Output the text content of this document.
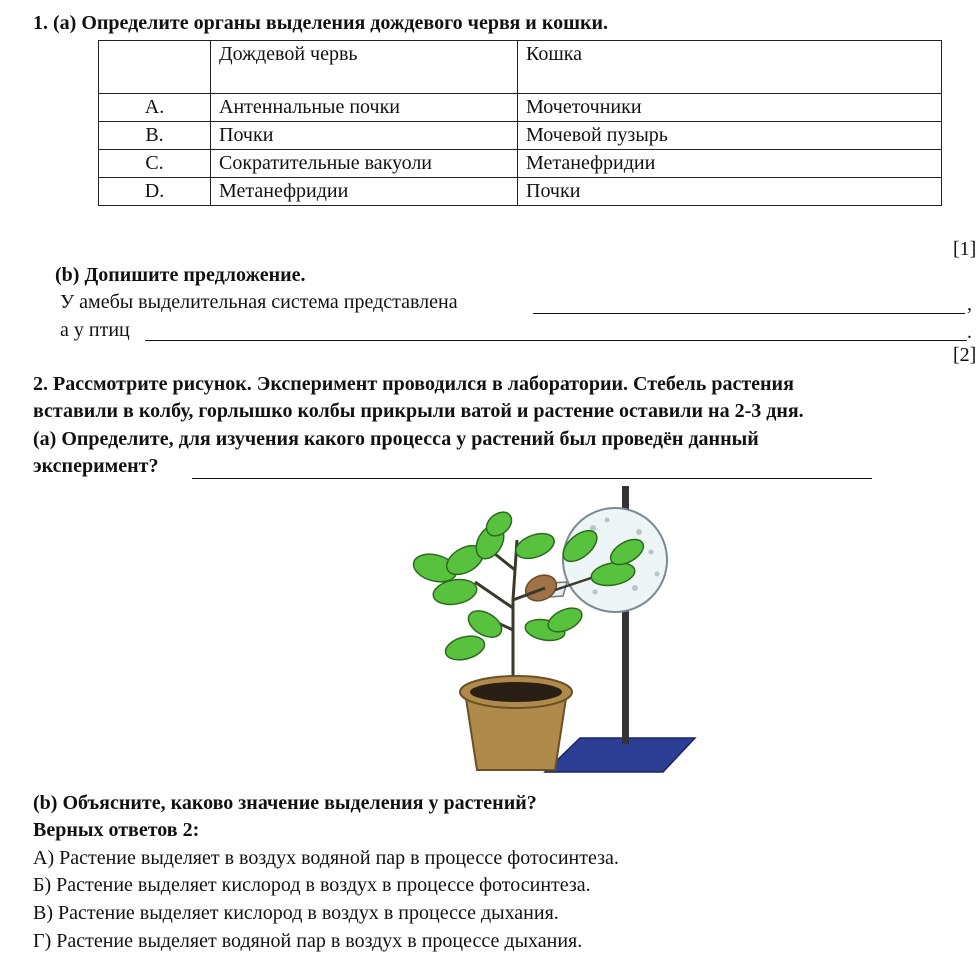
1. (а) Определите органы выделения дождевого червя и кошки.
	Дождевой червь	Кошка
A.	Антеннальные почки	Мочеточники
B.	Почки	Мочевой пузырь
C.	Сократительные вакуоли	Метанефридии
D.	Метанефридии	Почки
[1]
(b) Допишите предложение.
У амебы выделительная система представлена	,
а у птиц	.
[2]
2. Рассмотрите рисунок. Эксперимент проводился в лаборатории. Стебель растения
вставили в колбу, горлышко колбы прикрыли ватой и растение оставили на 2-3 дня.
(a) Определите, для изучения какого процесса у растений был проведён данный
эксперимент?
(b) Объясните, каково значение выделения у растений?
Верных ответов 2:
А) Растение выделяет в воздух водяной пар в процессе фотосинтеза.
Б) Растение выделяет кислород в воздух в процессе фотосинтеза.
В) Растение выделяет кислород в воздух в процессе дыхания.
Г) Растение выделяет водяной пар в воздух в процессе дыхания.
